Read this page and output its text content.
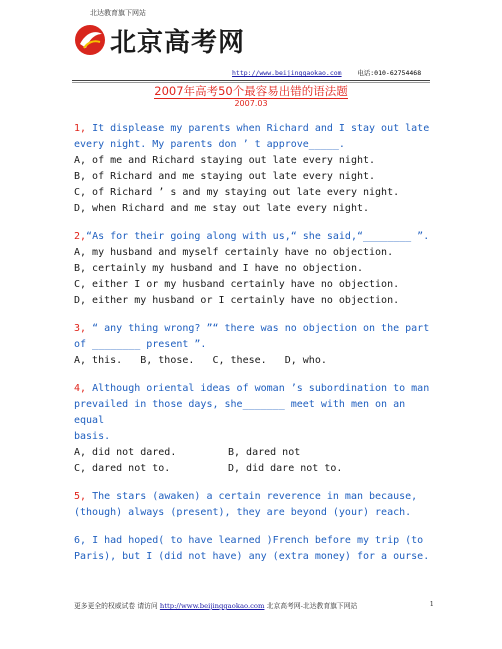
北达教育旗下网站
北京高考网
http://www.beijinggaokao.com 电话:010-62754468
2007年高考50个最容易出错的语法题
2007.03
1, It displease my parents when Richard and I stay out late
every night. My parents don ’ t approve_____.
A, of me and Richard staying out late every night.
B, of Richard and me staying out late every night.
C, of Richard ’ s and my staying out late every night.
D, when Richard and me stay out late every night.
2,“As for their going along with us,“ she said,“________ ”.
A, my husband and myself certainly have no objection.
B, certainly my husband and I have no objection.
C, either I or my husband certainly have no objection.
D, either my husband or I certainly have no objection.
3, “ any thing wrong? ”“ there was no objection on the part
of ________ present ”.
A, this.   B, those.   C, these.   D, who.
4, Although oriental ideas of woman ’s subordination to man
prevailed in those days, she_______ meet with men on an equal
basis.
A, did not dared.	B, dared not
C, dared not to.	D, did dare not to.
5, The stars (awaken) a certain reverence in man because,
(though) always (present), they are beyond (your) reach.
6, I had hoped( to have learned )French before my trip (to
Paris), but I (did not have) any (extra money) for a ourse.
更多更全的权威试卷 请访问 http://www.beijinggaokao.com 北京高考网-北达教育旗下网站	1
